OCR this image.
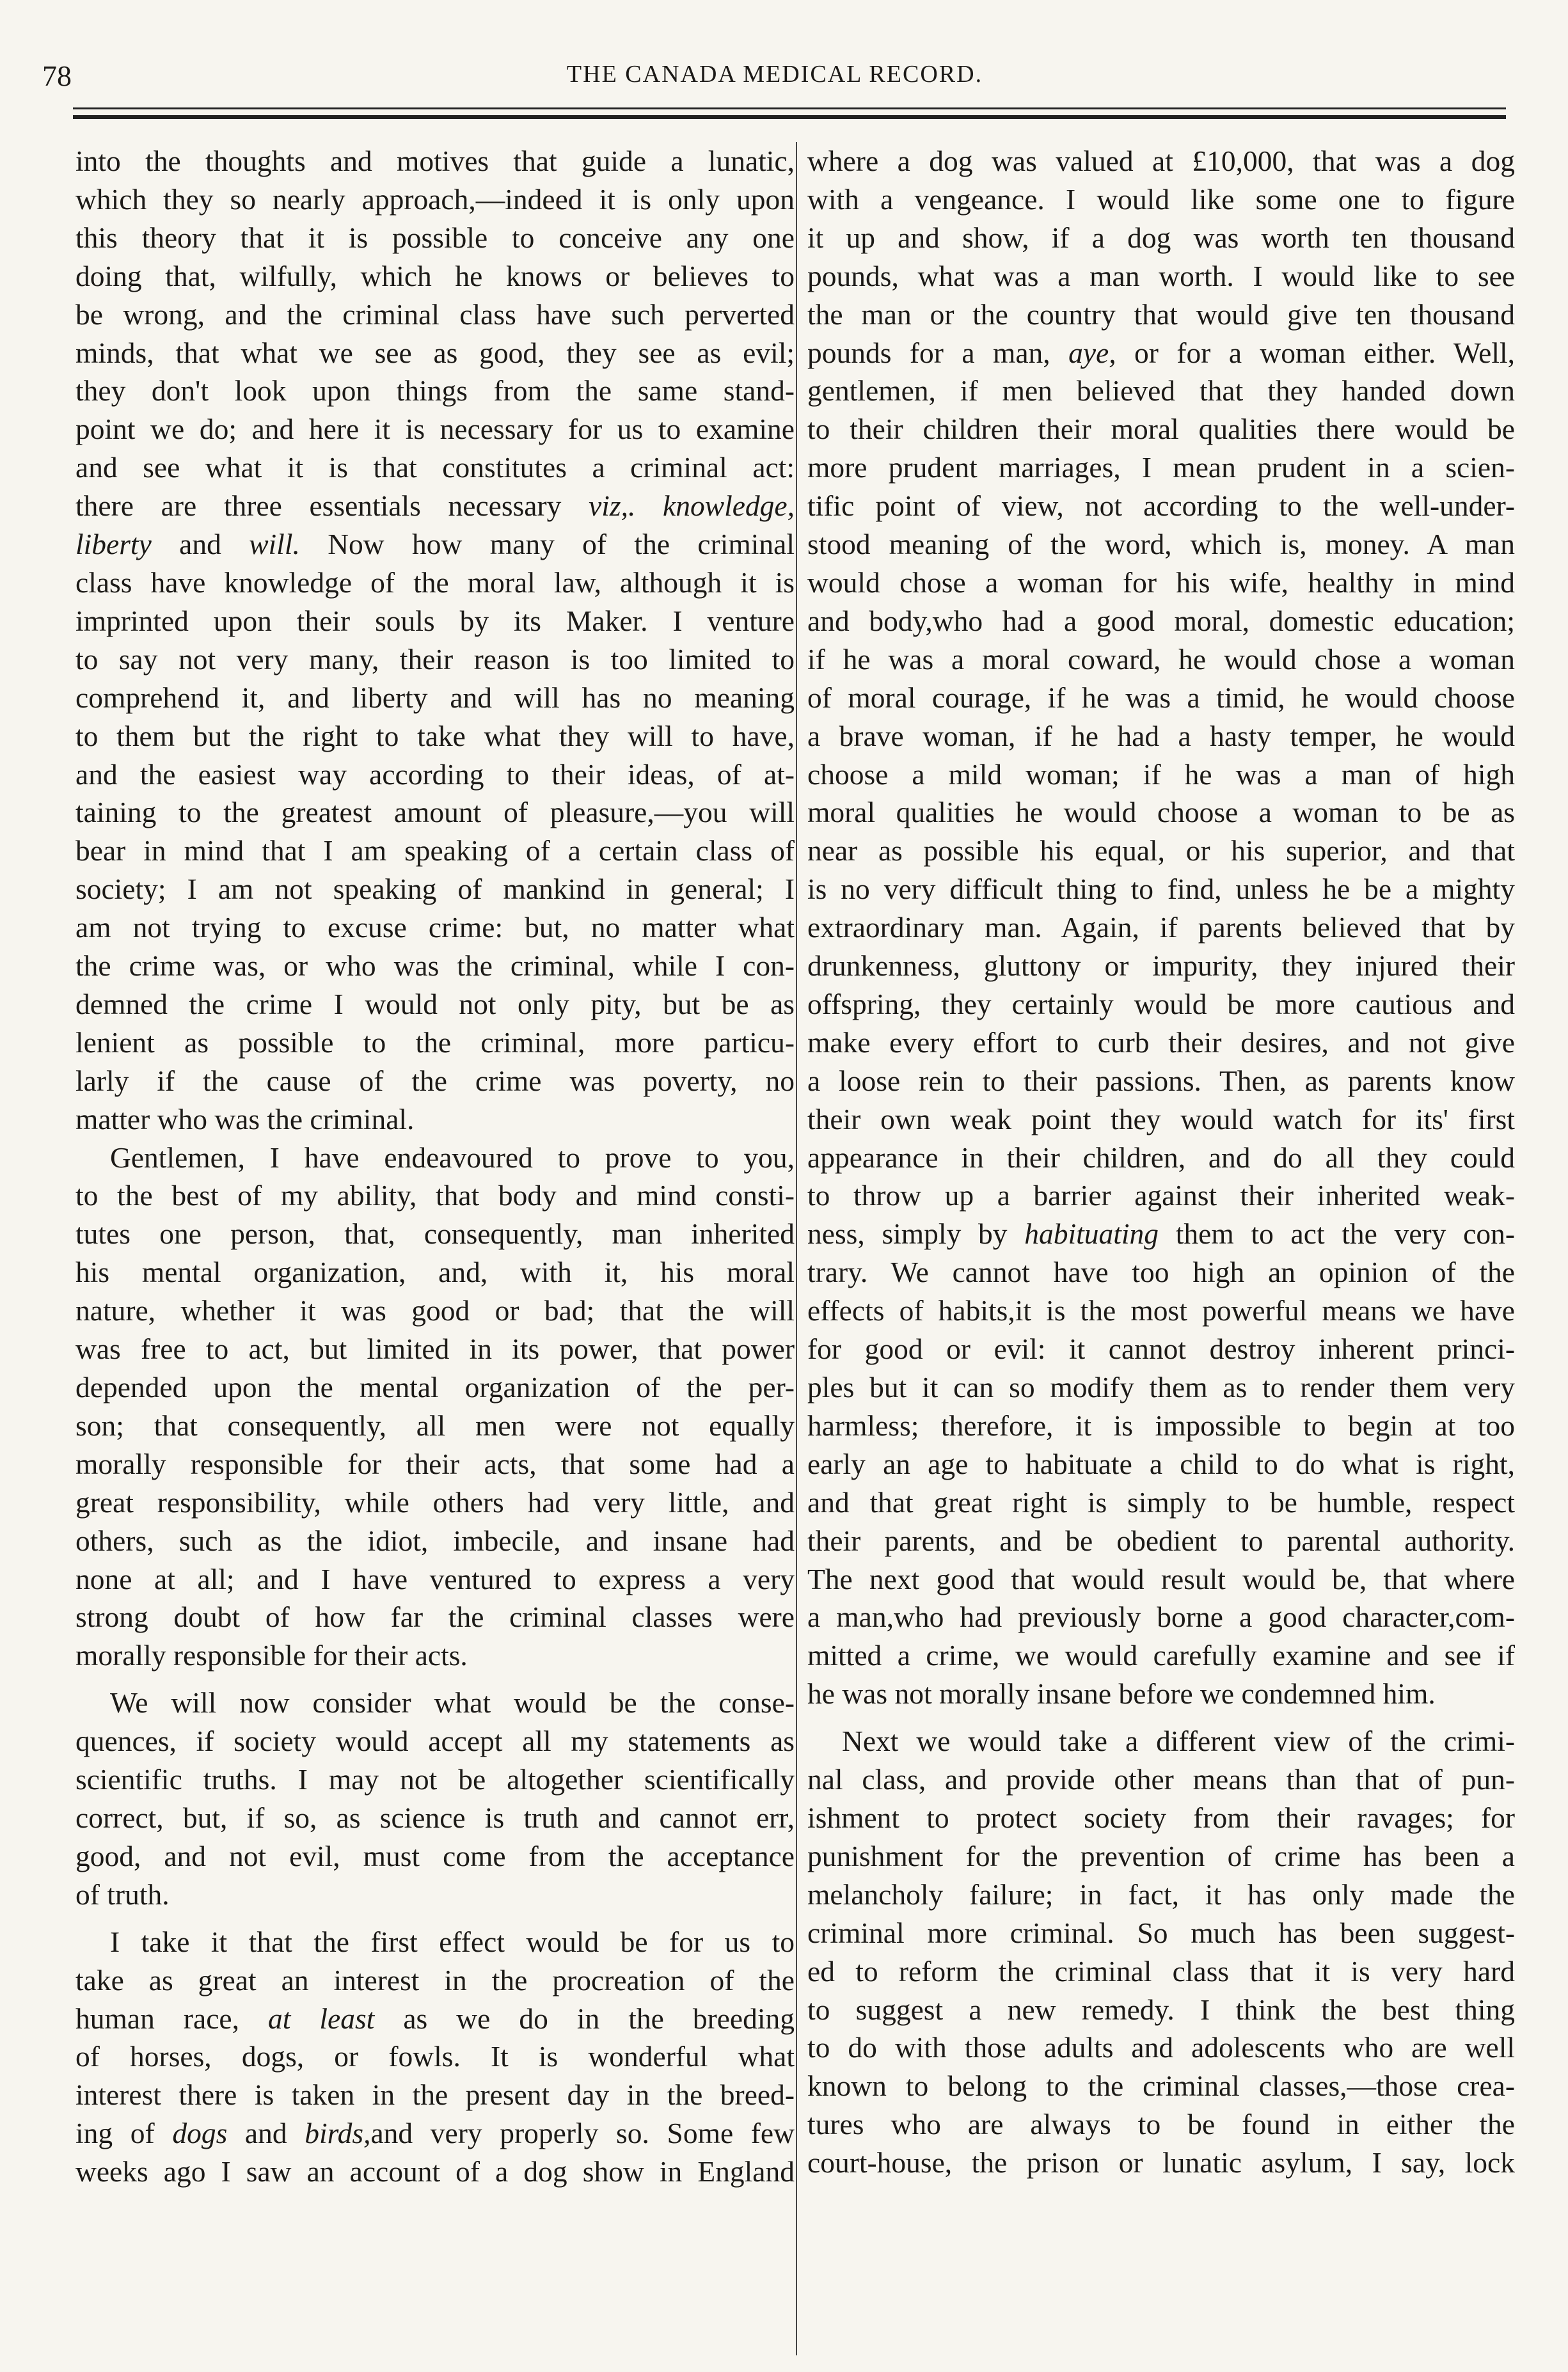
78	THE CANADA MEDICAL RECORD.
into the thoughts and motives that guide a lunatic,
which they so nearly approach,—indeed it is only upon
this theory that it is possible to conceive any one
doing that, wilfully, which he knows or believes to
be wrong, and the criminal class have such perverted
minds, that what we see as good, they see as evil;
they don't look upon things from the same stand-
point we do; and here it is necessary for us to examine
and see what it is that constitutes a criminal act:
there are three essentials necessary viz,. knowledge,
liberty and will. Now how many of the criminal
class have knowledge of the moral law, although it is
imprinted upon their souls by its Maker. I venture
to say not very many, their reason is too limited to
comprehend it, and liberty and will has no meaning
to them but the right to take what they will to have,
and the easiest way according to their ideas, of at-
taining to the greatest amount of pleasure,—you will
bear in mind that I am speaking of a certain class of
society; I am not speaking of mankind in general; I
am not trying to excuse crime: but, no matter what
the crime was, or who was the criminal, while I con-
demned the crime I would not only pity, but be as
lenient as possible to the criminal, more particu-
larly if the cause of the crime was poverty, no
matter who was the criminal.
Gentlemen, I have endeavoured to prove to you,
to the best of my ability, that body and mind consti-
tutes one person, that, consequently, man inherited
his mental organization, and, with it, his moral
nature, whether it was good or bad; that the will
was free to act, but limited in its power, that power
depended upon the mental organization of the per-
son; that consequently, all men were not equally
morally responsible for their acts, that some had a
great responsibility, while others had very little, and
others, such as the idiot, imbecile, and insane had
none at all; and I have ventured to express a very
strong doubt of how far the criminal classes were
morally responsible for their acts.
We will now consider what would be the conse-
quences, if society would accept all my statements as
scientific truths. I may not be altogether scientifically
correct, but, if so, as science is truth and cannot err,
good, and not evil, must come from the acceptance
of truth.
I take it that the first effect would be for us to
take as great an interest in the procreation of the
human race, at least as we do in the breeding
of horses, dogs, or fowls. It is wonderful what
interest there is taken in the present day in the breed-
ing of dogs and birds,and very properly so. Some few
weeks ago I saw an account of a dog show in England
where a dog was valued at £10,000, that was a dog
with a vengeance. I would like some one to figure
it up and show, if a dog was worth ten thousand
pounds, what was a man worth. I would like to see
the man or the country that would give ten thousand
pounds for a man, aye, or for a woman either. Well,
gentlemen, if men believed that they handed down
to their children their moral qualities there would be
more prudent marriages, I mean prudent in a scien-
tific point of view, not according to the well-under-
stood meaning of the word, which is, money. A man
would chose a woman for his wife, healthy in mind
and body,who had a good moral, domestic education;
if he was a moral coward, he would chose a woman
of moral courage, if he was a timid, he would choose
a brave woman, if he had a hasty temper, he would
choose a mild woman; if he was a man of high
moral qualities he would choose a woman to be as
near as possible his equal, or his superior, and that
is no very difficult thing to find, unless he be a mighty
extraordinary man. Again, if parents believed that by
drunkenness, gluttony or impurity, they injured their
offspring, they certainly would be more cautious and
make every effort to curb their desires, and not give
a loose rein to their passions. Then, as parents know
their own weak point they would watch for its' first
appearance in their children, and do all they could
to throw up a barrier against their inherited weak-
ness, simply by habituating them to act the very con-
trary. We cannot have too high an opinion of the
effects of habits,it is the most powerful means we have
for good or evil: it cannot destroy inherent princi-
ples but it can so modify them as to render them very
harmless; therefore, it is impossible to begin at too
early an age to habituate a child to do what is right,
and that great right is simply to be humble, respect
their parents, and be obedient to parental authority.
The next good that would result would be, that where
a man,who had previously borne a good character,com-
mitted a crime, we would carefully examine and see if
he was not morally insane before we condemned him.
Next we would take a different view of the crimi-
nal class, and provide other means than that of pun-
ishment to protect society from their ravages; for
punishment for the prevention of crime has been a
melancholy failure; in fact, it has only made the
criminal more criminal. So much has been suggest-
ed to reform the criminal class that it is very hard
to suggest a new remedy. I think the best thing
to do with those adults and adolescents who are well
known to belong to the criminal classes,—those crea-
tures who are always to be found in either the
court-house, the prison or lunatic asylum, I say, lock
